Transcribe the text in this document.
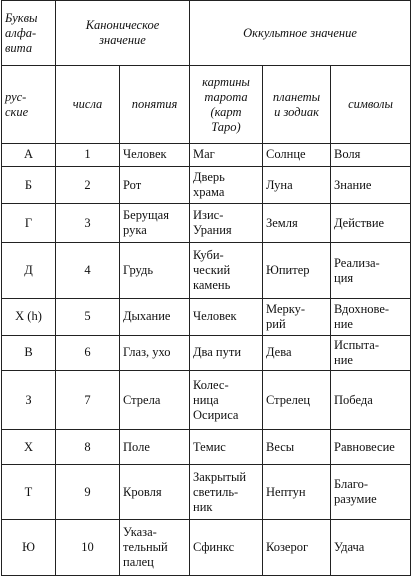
Буквы
алфа-
вита	Каноническое
значение		Оккультное значение		
рус-
ские	числа	понятия	картины
тарота
(карт
Таро)	планеты
и зодиак	символы
А	1	Человек	Маг	Солнце	Воля
Б	2	Рот	Дверь
храма	Луна	Знание
Г	3	Берущая
рука	Изис-
Урания	Земля	Действие
Д	4	Грудь	Куби-
ческий
камень	Юпитер	Реализа-
ция
Х (h)	5	Дыхание	Человек	Мерку-
рий	Вдохнове-
ние
В	6	Глаз, ухо	Два пути	Дева	Испыта-
ние
З	7	Стрела	Колес-
ница
Осириса	Стрелец	Победа
Х	8	Поле	Темис	Весы	Равновесие
Т	9	Кровля	Закрытый
светиль-
ник	Нептун	Благо-
разумие
Ю	10	Указа-
тельный
палец	Сфинкс	Козерог	Удача
